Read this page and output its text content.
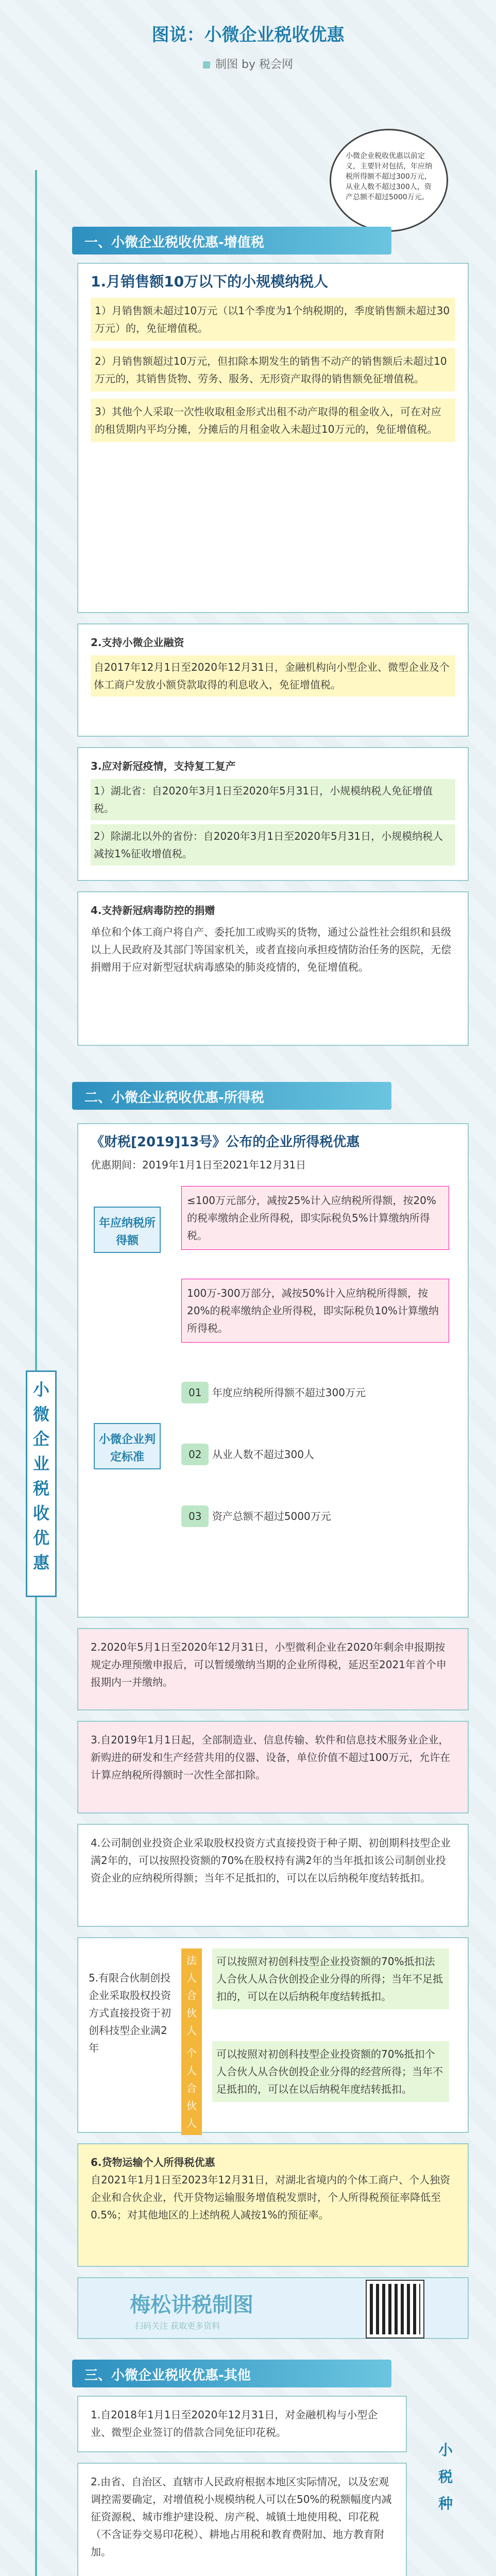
图说：小微企业税收优惠
制图 by 税会网
小微企业税收优惠以前定义，主要针对包括，年应纳税所得额不超过300万元，从业人数不超过300人，资产总额不超过5000万元。
一、小微企业税收优惠-增值税
1.月销售额10万以下的小规模纳税人

1）月销售额未超过10万元（以1个季度为1个纳税期的，季度销售额未超过30万元）的，免征增值税。

2）月销售额超过10万元，但扣除本期发生的销售不动产的销售额后未超过10万元的，其销售货物、劳务、服务、无形资产取得的销售额免征增值税。

3）其他个人采取一次性收取租金形式出租不动产取得的租金收入，可在对应的租赁期内平均分摊，分摊后的月租金收入未超过10万元的，免征增值税。

2.支持小微企业融资

自2017年12月1日至2020年12月31日，金融机构向小型企业、微型企业及个体工商户发放小额贷款取得的利息收入，免征增值税。

3.应对新冠疫情，支持复工复产

1）湖北省：自2020年3月1日至2020年5月31日，小规模纳税人免征增值税。

2）除湖北以外的省份：自2020年3月1日至2020年5月31日，小规模纳税人减按1%征收增值税。

4.支持新冠病毒防控的捐赠

单位和个体工商户将自产、委托加工或购买的货物，通过公益性社会组织和县级以上人民政府及其部门等国家机关，或者直接向承担疫情防治任务的医院，无偿捐赠用于应对新型冠状病毒感染的肺炎疫情的，免征增值税。

二、小微企业税收优惠-所得税
《财税[2019]13号》公布的企业所得税优惠
优惠期间：2019年1月1日至2021年12月31日
年应纳税所得额
≤100万元部分，减按25%计入应纳税所得额，按20%的税率缴纳企业所得税，即实际税负5%计算缴纳所得税。
100万-300万部分，减按50%计入应纳税所得额，按20%的税率缴纳企业所得税，即实际税负10%计算缴纳所得税。
小微企业判定标准
01 年度应纳税所得额不超过300万元
02 从业人数不超过300人
03 资产总额不超过5000万元
小
微
企
业
税
收
优
惠

2.2020年5月1日至2020年12月31日，小型微利企业在2020年剩余申报期按规定办理预缴申报后，可以暂缓缴纳当期的企业所得税，延迟至2021年首个申报期内一并缴纳。

3.自2019年1月1日起，全部制造业、信息传输、软件和信息技术服务业企业，新购进的研发和生产经营共用的仪器、设备，单位价值不超过100万元，允许在计算应纳税所得额时一次性全部扣除。

4.公司制创业投资企业采取股权投资方式直接投资于种子期、初创期科技型企业满2年的，可以按照投资额的70%在股权持有满2年的当年抵扣该公司制创业投资企业的应纳税所得额；当年不足抵扣的，可以在以后纳税年度结转抵扣。

5.有限合伙制创投企业采取股权投资方式直接投资于初创科技型企业满2年
法人合伙人
可以按照对初创科技型企业投资额的70%抵扣法人合伙人从合伙创投企业分得的所得；当年不足抵扣的，可以在以后纳税年度结转抵扣。
个人合伙人
可以按照对初创科技型企业投资额的70%抵扣个人合伙人从合伙创投企业分得的经营所得；当年不足抵扣的，可以在以后纳税年度结转抵扣。
6.贷物运输个人所得税优惠

自2021年1月1日至2023年12月31日，对湖北省境内的个体工商户、个人独资企业和合伙企业，代开贷物运输服务增值税发票时，个人所得税预征率降低至0.5%；对其他地区的上述纳税人减按1%的预征率。

梅松讲税制图
扫码关注 获取更多资料
三、小微企业税收优惠-其他

1.自2018年1月1日至2020年12月31日，对金融机构与小型企业、微型企业签订的借款合同免征印花税。

2.由省、自治区、直辖市人民政府根据本地区实际情况，以及宏观调控需要确定，对增值税小规模纳税人可以在50%的税额幅度内减征资源税、城市维护建设税、房产税、城镇土地使用税、印花税（不含证券交易印花税）、耕地占用税和教育费附加、地方教育附加。

小税种
